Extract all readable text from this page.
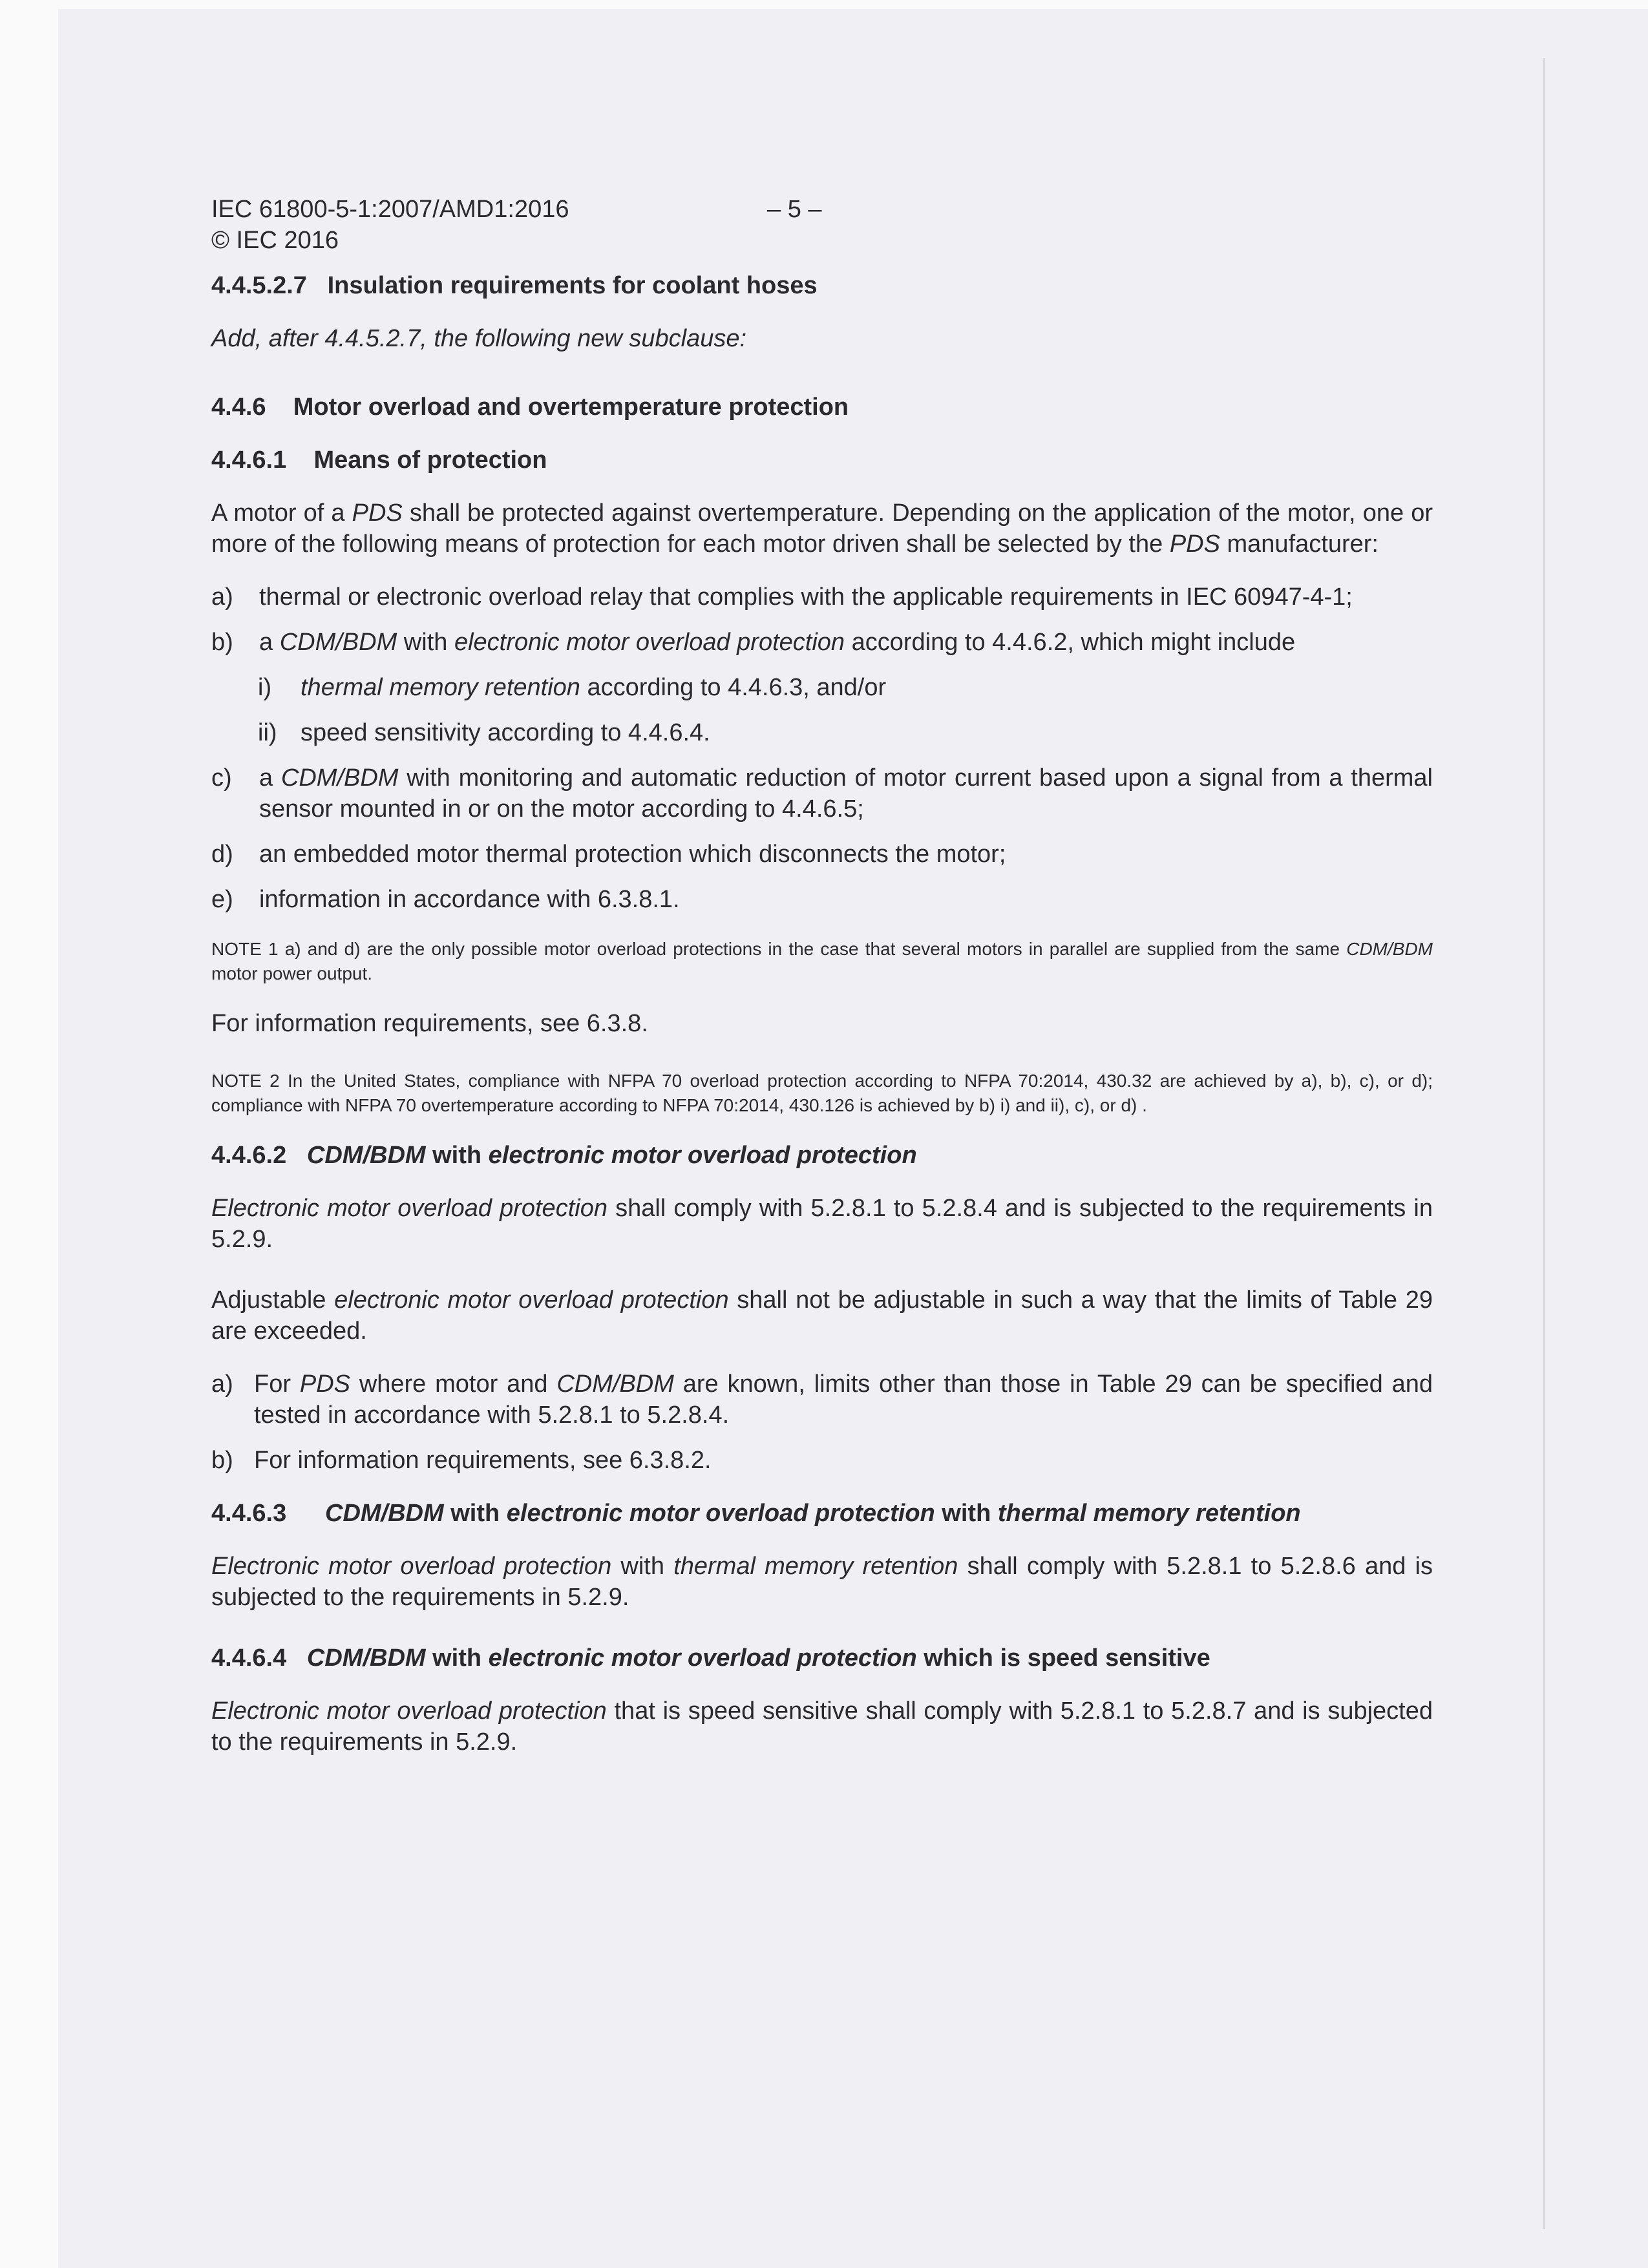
IEC 61800-5-1:2007/AMD1:2016	– 5 –
© IEC 2016
4.4.5.2.7 Insulation requirements for coolant hoses

Add, after 4.4.5.2.7, the following new subclause:

4.4.6 Motor overload and overtemperature protection
4.4.6.1 Means of protection

A motor of a PDS shall be protected against overtemperature. Depending on the application of the motor, one or more of the following means of protection for each motor driven shall be selected by the PDS manufacturer:

a) thermal or electronic overload relay that complies with the applicable requirements in IEC 60947-4-1;
b) a CDM/BDM with electronic motor overload protection according to 4.4.6.2, which might include
i) thermal memory retention according to 4.4.6.3, and/or
ii) speed sensitivity according to 4.4.6.4.
c) a CDM/BDM with monitoring and automatic reduction of motor current based upon a signal from a thermal sensor mounted in or on the motor according to 4.4.6.5;
d) an embedded motor thermal protection which disconnects the motor;
e) information in accordance with 6.3.8.1.
NOTE 1 a) and d) are the only possible motor overload protections in the case that several motors in parallel are supplied from the same CDM/BDM motor power output.

For information requirements, see 6.3.8.

NOTE 2 In the United States, compliance with NFPA 70 overload protection according to NFPA 70:2014, 430.32 are achieved by a), b), c), or d); compliance with NFPA 70 overtemperature according to NFPA 70:2014, 430.126 is achieved by b) i) and ii), c), or d) .
4.4.6.2 CDM/BDM with electronic motor overload protection

Electronic motor overload protection shall comply with 5.2.8.1 to 5.2.8.4 and is subjected to the requirements in 5.2.9.

Adjustable electronic motor overload protection shall not be adjustable in such a way that the limits of Table 29 are exceeded.

a) For PDS where motor and CDM/BDM are known, limits other than those in Table 29 can be specified and tested in accordance with 5.2.8.1 to 5.2.8.4.
b) For information requirements, see 6.3.8.2.
4.4.6.3 CDM/BDM with electronic motor overload protection with thermal memory retention

Electronic motor overload protection with thermal memory retention shall comply with 5.2.8.1 to 5.2.8.6 and is subjected to the requirements in 5.2.9.

4.4.6.4 CDM/BDM with electronic motor overload protection which is speed sensitive

Electronic motor overload protection that is speed sensitive shall comply with 5.2.8.1 to 5.2.8.7 and is subjected to the requirements in 5.2.9.
